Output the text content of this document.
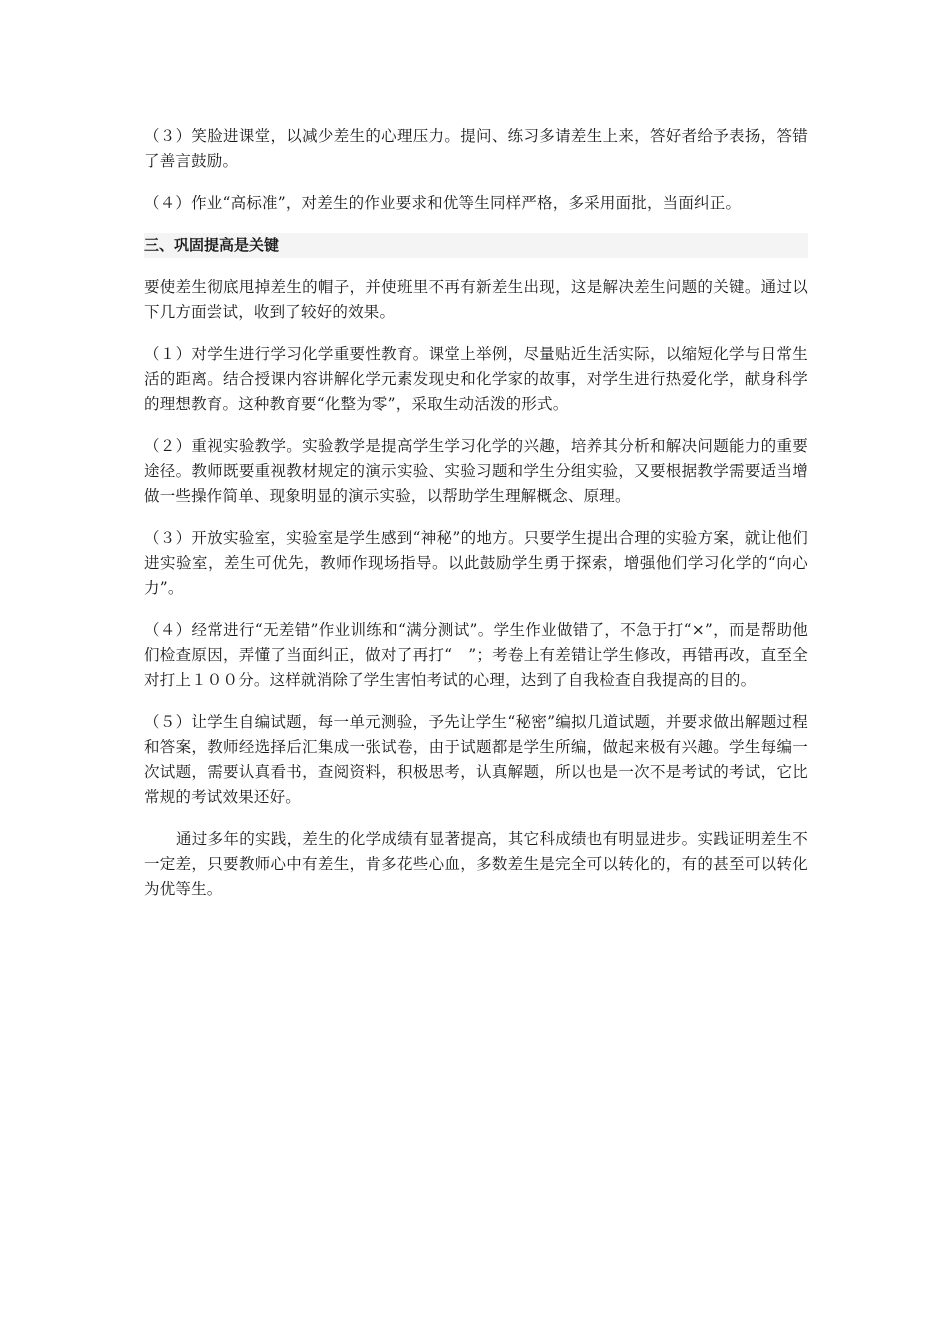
（３）笑脸进课堂，以减少差生的心理压力。提问、练习多请差生上来，答好者给予表扬，答错了善言鼓励。

（４）作业“高标准”，对差生的作业要求和优等生同样严格，多采用面批，当面纠正。

三、巩固提高是关键

要使差生彻底甩掉差生的帽子，并使班里不再有新差生出现，这是解决差生问题的关键。通过以下几方面尝试，收到了较好的效果。

（１）对学生进行学习化学重要性教育。课堂上举例，尽量贴近生活实际，以缩短化学与日常生活的距离。结合授课内容讲解化学元素发现史和化学家的故事，对学生进行热爱化学，献身科学的理想教育。这种教育要“化整为零”，采取生动活泼的形式。

（２）重视实验教学。实验教学是提高学生学习化学的兴趣，培养其分析和解决问题能力的重要途径。教师既要重视教材规定的演示实验、实验习题和学生分组实验，又要根据教学需要适当增做一些操作简单、现象明显的演示实验，以帮助学生理解概念、原理。

（３）开放实验室，实验室是学生感到“神秘”的地方。只要学生提出合理的实验方案，就让他们进实验室，差生可优先，教师作现场指导。以此鼓励学生勇于探索，增强他们学习化学的“向心力”。

（４）经常进行“无差错”作业训练和“满分测试”。学生作业做错了，不急于打“×”，而是帮助他们检查原因，弄懂了当面纠正，做对了再打“　”；考卷上有差错让学生修改，再错再改，直至全对打上１００分。这样就消除了学生害怕考试的心理，达到了自我检查自我提高的目的。

（５）让学生自编试题，每一单元测验，予先让学生“秘密”编拟几道试题，并要求做出解题过程和答案，教师经选择后汇集成一张试卷，由于试题都是学生所编，做起来极有兴趣。学生每编一次试题，需要认真看书，查阅资料，积极思考，认真解题，所以也是一次不是考试的考试，它比常规的考试效果还好。

通过多年的实践，差生的化学成绩有显著提高，其它科成绩也有明显进步。实践证明差生不一定差，只要教师心中有差生，肯多花些心血，多数差生是完全可以转化的，有的甚至可以转化为优等生。
